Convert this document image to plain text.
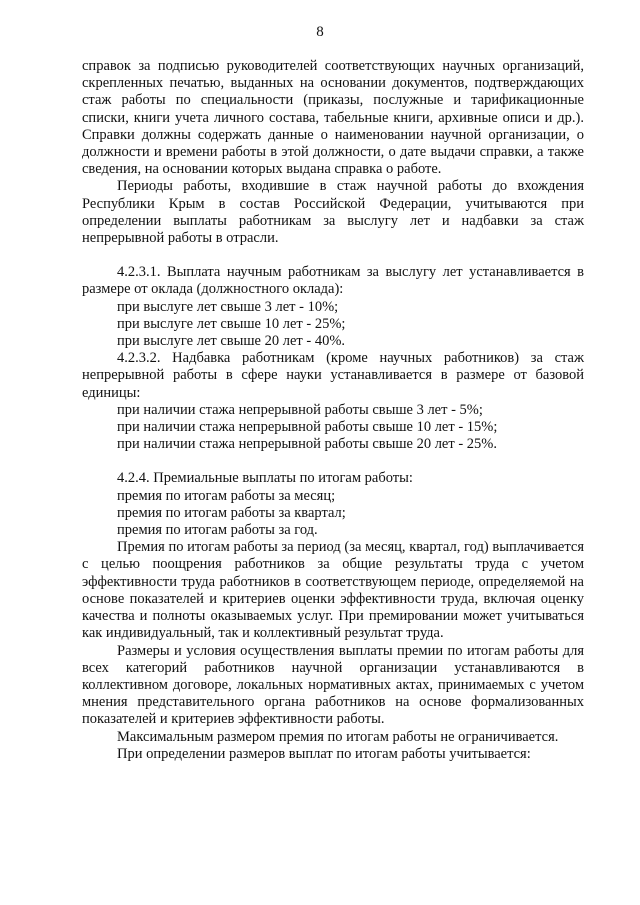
8

справок за подписью руководителей соответствующих научных организаций, скрепленных печатью, выданных на основании документов, подтверждающих стаж работы по специальности (приказы, послужные и тарификационные списки, книги учета личного состава, табельные книги, архивные описи и др.). Справки должны содержать данные о наименовании научной организации, о должности и времени работы в этой должности, о дате выдачи справки, а также сведения, на основании которых выдана справка о работе.

Периоды работы, входившие в стаж научной работы до вхождения Республики Крым в состав Российской Федерации, учитываются при определении выплаты работникам за выслугу лет и надбавки за стаж непрерывной работы в отрасли.

4.2.3.1. Выплата научным работникам за выслугу лет устанавливается в размере от оклада (должностного оклада):

при выслуге лет свыше 3 лет - 10%;

при выслуге лет свыше 10 лет - 25%;

при выслуге лет свыше 20 лет - 40%.

4.2.3.2. Надбавка работникам (кроме научных работников) за стаж непрерывной работы в сфере науки устанавливается в размере от базовой единицы:

при наличии стажа непрерывной работы свыше 3 лет - 5%;

при наличии стажа непрерывной работы свыше 10 лет - 15%;

при наличии стажа непрерывной работы свыше 20 лет - 25%.

4.2.4. Премиальные выплаты по итогам работы:

премия по итогам работы за месяц;

премия по итогам работы за квартал;

премия по итогам работы за год.

Премия по итогам работы за период (за месяц, квартал, год) выплачивается с целью поощрения работников за общие результаты труда с учетом эффективности труда работников в соответствующем периоде, определяемой на основе показателей и критериев оценки эффективности труда, включая оценку качества и полноты оказываемых услуг. При премировании может учитываться как индивидуальный, так и коллективный результат труда.

Размеры и условия осуществления выплаты премии по итогам работы для всех категорий работников научной организации устанавливаются в коллективном договоре, локальных нормативных актах, принимаемых с учетом мнения представительного органа работников на основе формализованных показателей и критериев эффективности работы.

Максимальным размером премия по итогам работы не ограничивается.

При определении размеров выплат по итогам работы учитывается:
